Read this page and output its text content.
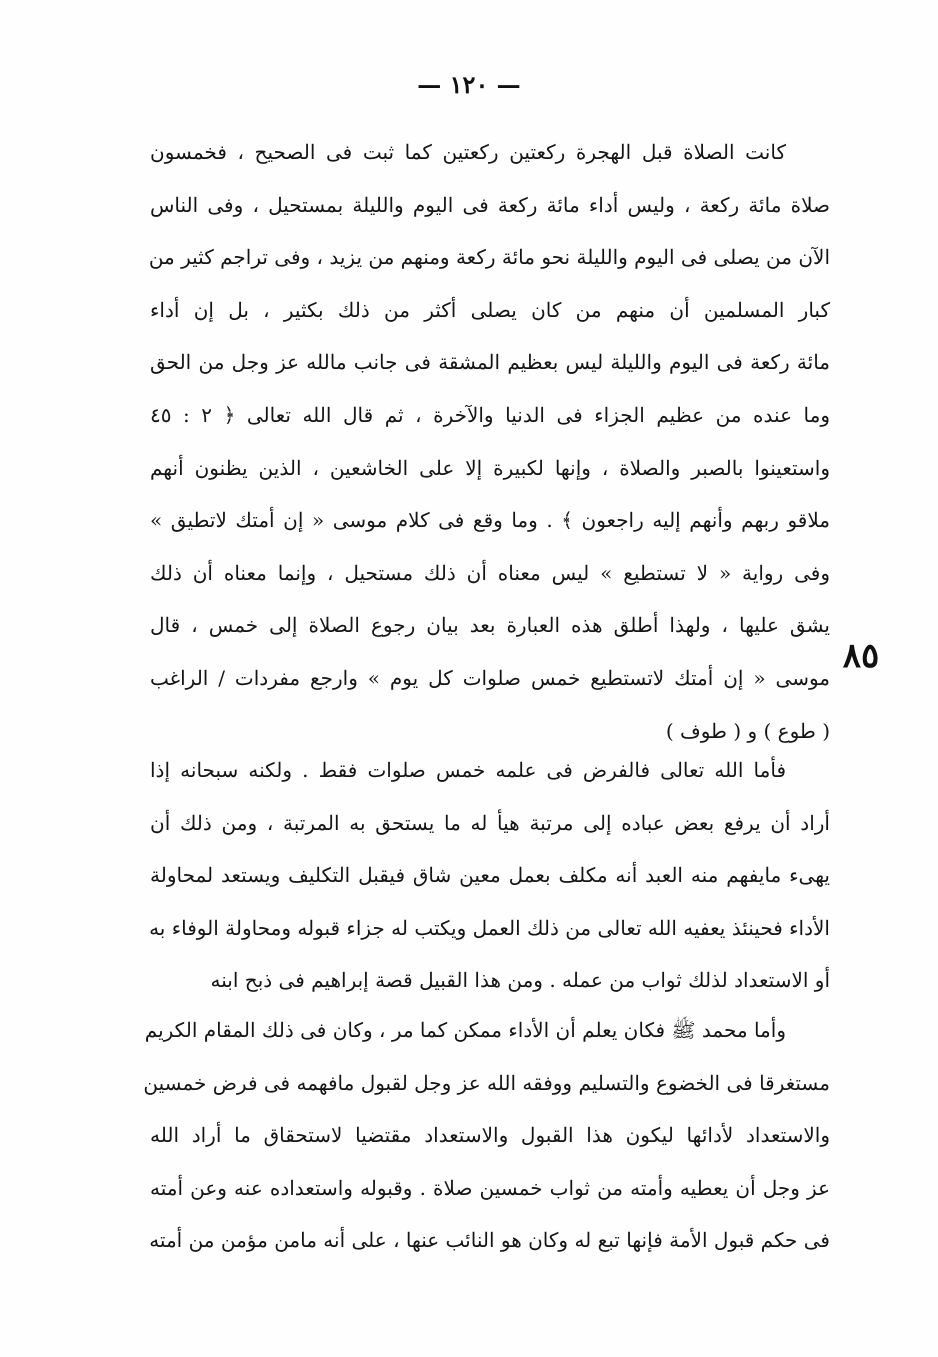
— ١٢٠ —
٨٥
كانت الصلاة قبل الهجرة ركعتين ركعتين كما ثبت فى الصحيح ، فخمسون
صلاة مائة ركعة ، وليس أداء مائة ركعة فى اليوم والليلة بمستحيل ، وفى الناس
الآن من يصلى فى اليوم والليلة نحو مائة ركعة ومنهم من يزيد ، وفى تراجم كثير من
كبار المسلمين أن منهم من كان يصلى أكثر من ذلك بكثير ، بل إن أداء
مائة ركعة فى اليوم والليلة ليس بعظيم المشقة فى جانب مالله عز وجل من الحق
وما عنده من عظيم الجزاء فى الدنيا والآخرة ، ثم قال الله تعالى ﴿ ٢ : ٤٥
واستعينوا بالصبر والصلاة ، وإنها لكبيرة إلا على الخاشعين ، الذين يظنون أنهم
ملاقو ربهم وأنهم إليه راجعون ﴾ . وما وقع فى كلام موسى « إن أمتك لاتطيق »
وفى رواية « لا تستطيع » ليس معناه أن ذلك مستحيل ، وإنما معناه أن ذلك
يشق عليها ، ولهذا أطلق هذه العبارة بعد بيان رجوع الصلاة إلى خمس ، قال
موسى « إن أمتك لاتستطيع خمس صلوات كل يوم » وارجع مفردات / الراغب
( طوع ) و ( طوف )
فأما الله تعالى فالفرض فى علمه خمس صلوات فقط . ولكنه سبحانه إذا
أراد أن يرفع بعض عباده إلى مرتبة هيأ له ما يستحق به المرتبة ، ومن ذلك أن
يهىء مايفهم منه العبد أنه مكلف بعمل معين شاق فيقبل التكليف ويستعد لمحاولة
الأداء فحينئذ يعفيه الله تعالى من ذلك العمل ويكتب له جزاء قبوله ومحاولة الوفاء به
أو الاستعداد لذلك ثواب من عمله . ومن هذا القبيل قصة إبراهيم فى ذبح ابنه
وأما محمد ﷺ فكان يعلم أن الأداء ممكن كما مر ، وكان فى ذلك المقام الكريم
مستغرقا فى الخضوع والتسليم ووفقه الله عز وجل لقبول مافهمه فى فرض خمسين
والاستعداد لأدائها ليكون هذا القبول والاستعداد مقتضيا لاستحقاق ما أراد الله
عز وجل أن يعطيه وأمته من ثواب خمسين صلاة . وقبوله واستعداده عنه وعن أمته
فى حكم قبول الأمة فإنها تبع له وكان هو النائب عنها ، على أنه مامن مؤمن من أمته
